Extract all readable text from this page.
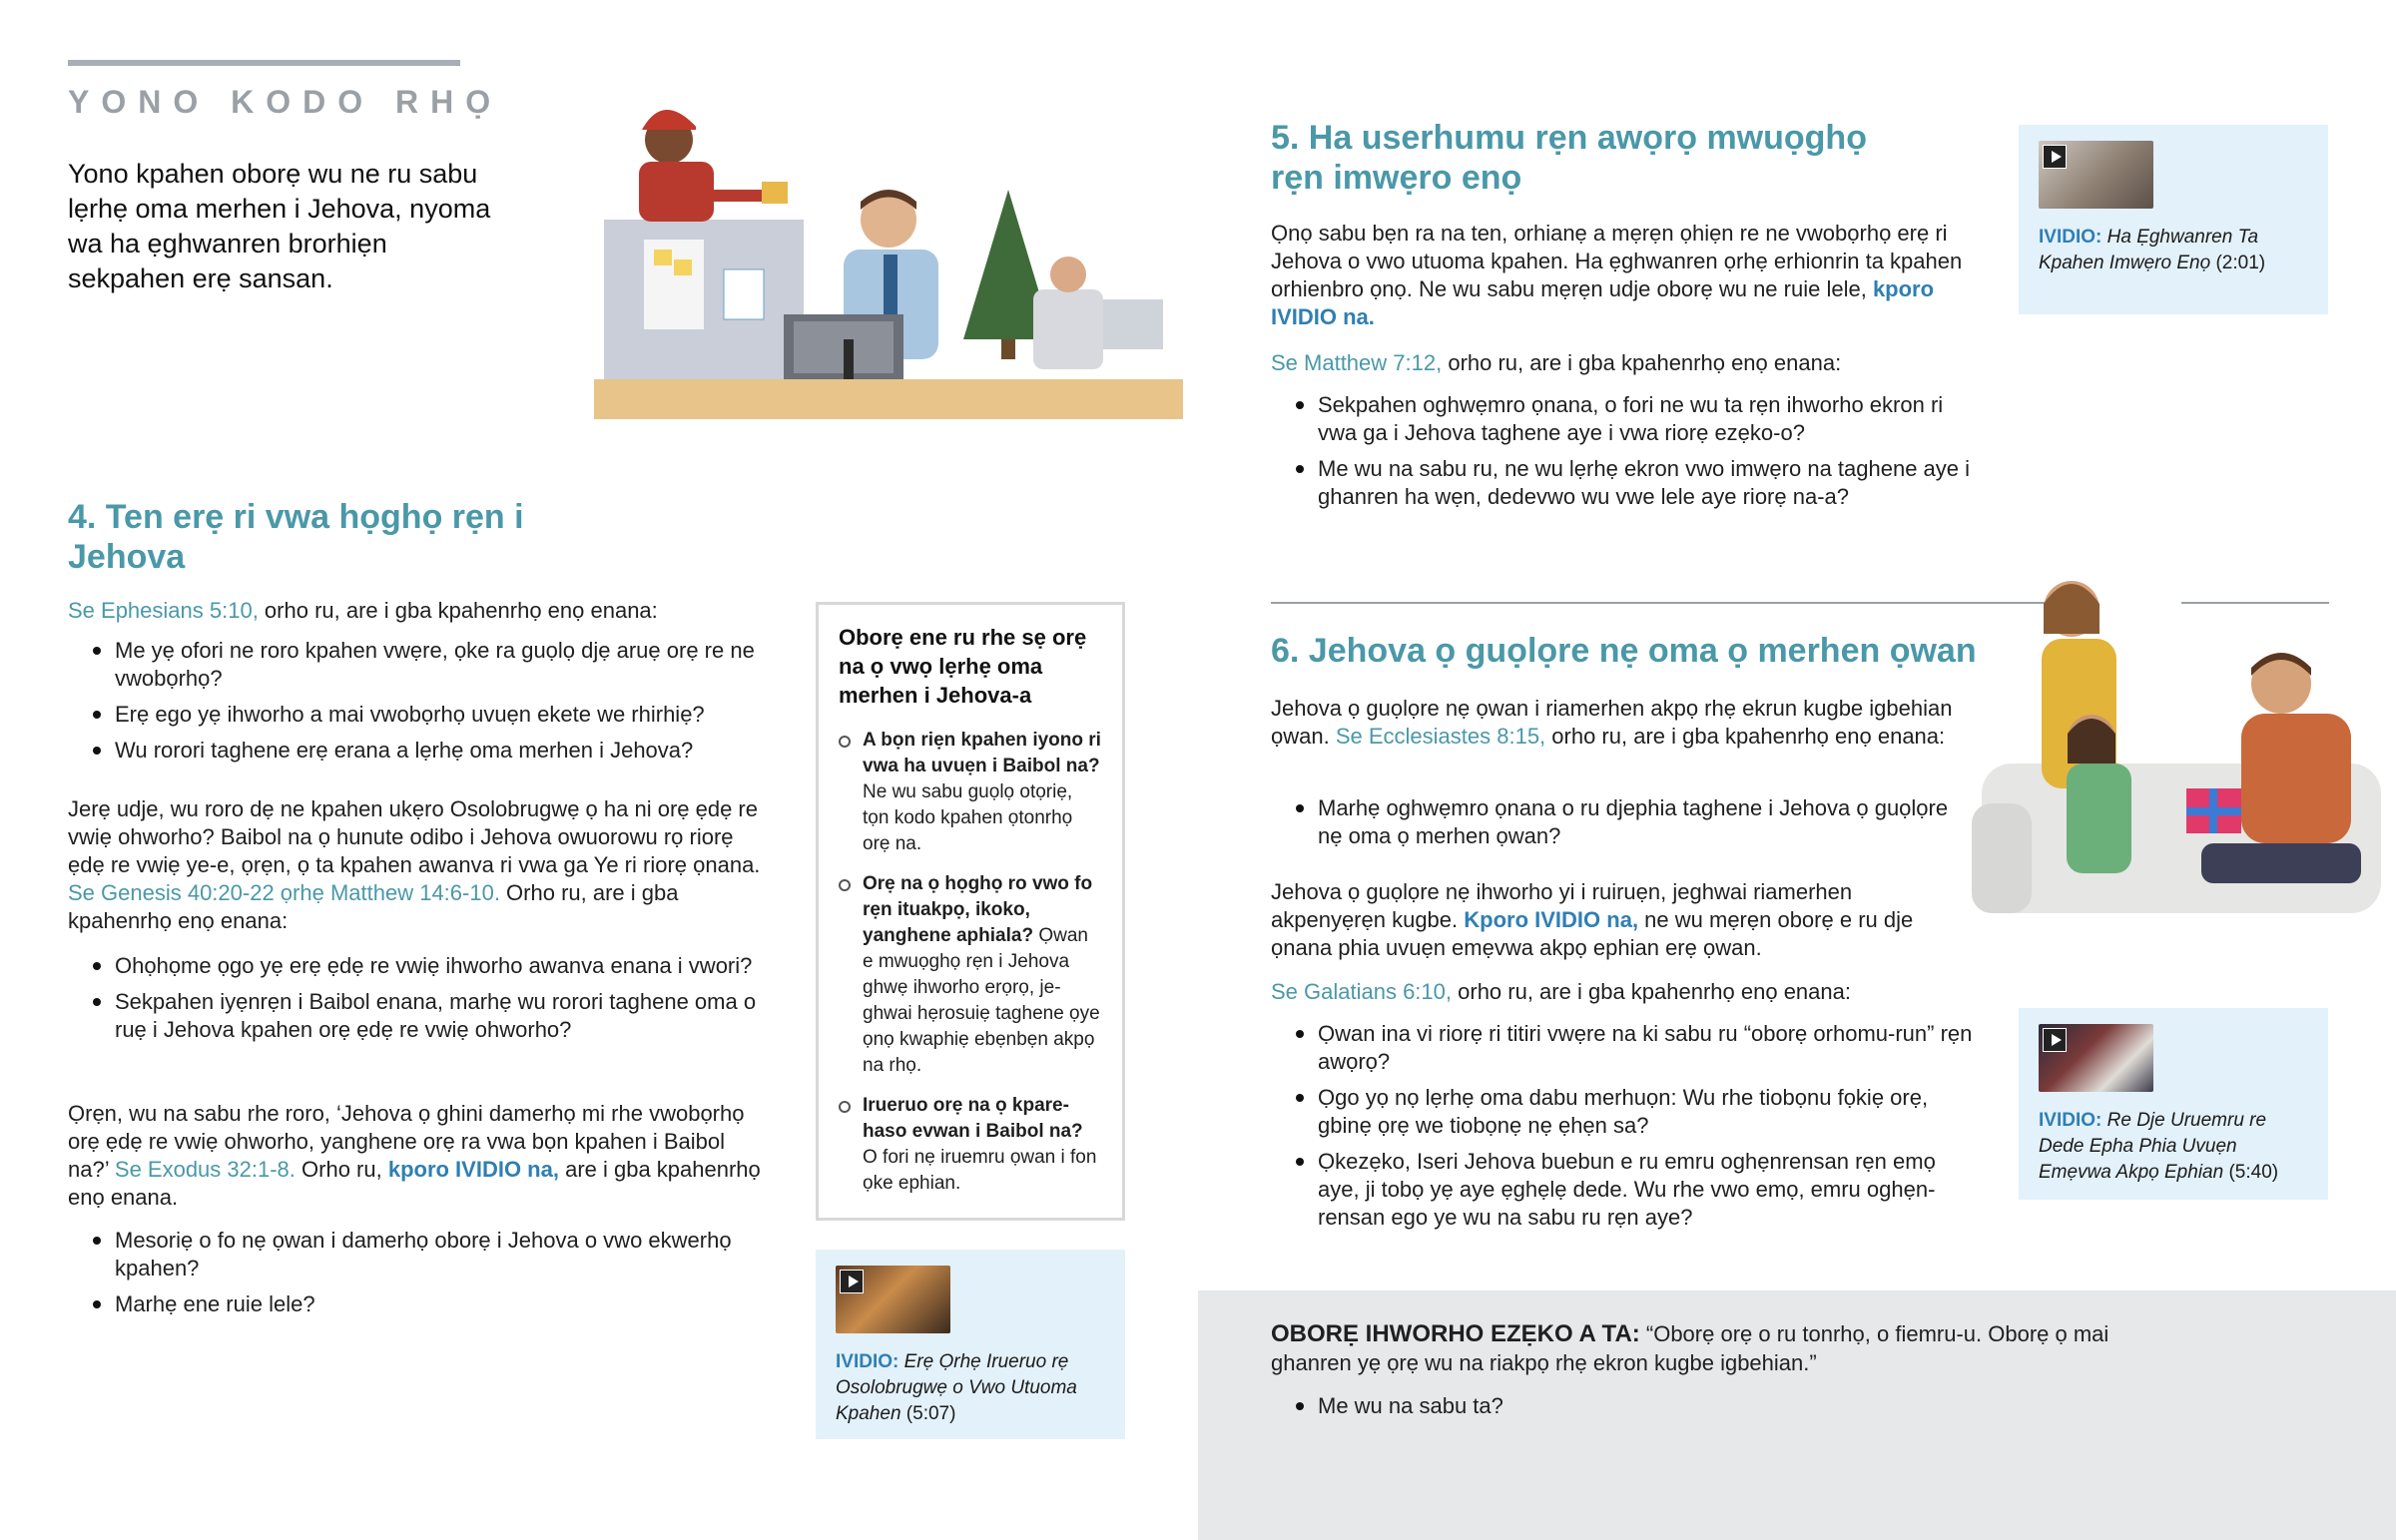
YONO KODO RHỌ
Yono kpahen oborẹ wu ne ru sabu lẹrhẹ oma merhen i Jehova, nyoma wa ha ẹghwanren brorhiẹn sekpahen erẹ sansan.
4. Ten erẹ ri vwa họghọ rẹn i Jehova
Se Ephesians 5:10, orho ru, are i gba kpahenrhọ enọ enana:
Me yẹ ofori ne roro kpahen vwẹre, ọke ra guọlọ djẹ aruẹ orẹ re ne vwobọrhọ?
Erẹ ego yẹ ihworho a mai vwobọrhọ uvuẹn ekete we rhirhiẹ?
Wu rorori taghene erẹ erana a lẹrhẹ oma merhen i Jehova?
Jerẹ udje, wu roro dẹ ne kpahen ukẹro Osolobrugwẹ ọ ha ni orẹ ẹdẹ re vwiẹ ohworho? Baibol na ọ hunute odibo i Jehova owuorowu rọ riorẹ ẹdẹ re vwiẹ ye-e, ọrẹn, ọ ta kpahen awanva ri vwa ga Ye ri riorẹ ọnana. Se Genesis 40:20-22 ọrhẹ Matthew 14:6-10. Orho ru, are i gba kpahenrhọ enọ enana:
Ohọhọme ọgo yẹ erẹ ẹdẹ re vwiẹ ihworho awanva enana i vwori?
Sekpahen iyẹnrẹn i Baibol enana, marhẹ wu rorori taghene oma o ruẹ i Jehova kpahen orẹ ẹdẹ re vwiẹ ohworho?
Ọrẹn, wu na sabu rhe roro, ‘Jehova ọ ghini damerhọ mi rhe vwobọrhọ orẹ ẹdẹ re vwiẹ ohworho, yanghene orẹ ra vwa bọn kpahen i Baibol na?’ Se Exodus 32:1-8. Orho ru, kporo IVIDIO na, are i gba kpahenrhọ enọ enana.
Mesoriẹ o fo nẹ ọwan i damerhọ oborẹ i Jehova o vwo ekwerhọ kpahen?
Marhẹ ene ruie lele?
Oborẹ ene ru rhe sẹ orẹ na ọ vwọ lẹrhẹ oma merhen i Jehova-a
A bọn riẹn kpahen iyono ri vwa ha uvuẹn i Baibol na? Ne wu sabu guọlọ otọriẹ, tọn kodo kpahen ọtonrhọ orẹ na.
Orẹ na ọ họghọ ro vwo fo rẹn ituakpọ, ikoko, yanghene aphiala? Ọwan e mwuọghọ rẹn i Jehova ghwẹ ihworho erọrọ, je-ghwai hẹrosuiẹ taghene ọye ọnọ kwaphiẹ ebẹnbẹn akpọ na rhọ.
Irueruo orẹ na ọ kpare-haso evwan i Baibol na? O fori nẹ iruemru ọwan i fon ọke ephian.
IVIDIO: Erẹ Ọrhẹ Irueruo rẹ Osolobrugwẹ o Vwo Utuoma Kpahen (5:07)
5. Ha userhumu rẹn awọrọ mwuọghọ rẹn imwẹro enọ
Ọnọ sabu bẹn ra na ten, orhianẹ a mẹrẹn ọhiẹn re ne vwobọrhọ erẹ ri Jehova o vwo utuoma kpahen. Ha ẹghwanren ọrhẹ erhionrin ta kpahen orhienbro ọnọ. Ne wu sabu mẹrẹn udje oborẹ wu ne ruie lele, kporo IVIDIO na.
Se Matthew 7:12, orho ru, are i gba kpahenrhọ enọ enana:
Sekpahen oghwẹmro ọnana, o fori ne wu ta rẹn ihworho ekron ri vwa ga i Jehova taghene aye i vwa riorẹ ezẹko-o?
Me wu na sabu ru, ne wu lẹrhẹ ekron vwo imwẹro na taghene aye i ghanren ha wẹn, dedevwo wu vwe lele aye riorẹ na-a?
IVIDIO: Ha Ẹghwanren Ta Kpahen Imwẹro Enọ (2:01)
6. Jehova ọ guọlọre nẹ oma ọ merhen ọwan
Jehova ọ guọlọre nẹ ọwan i riamerhen akpọ rhẹ ekrun kugbe igbehian ọwan. Se Ecclesiastes 8:15, orho ru, are i gba kpahenrhọ enọ enana:
Marhẹ oghwẹmro ọnana o ru djephia taghene i Jehova ọ guọlọre nẹ oma ọ merhen ọwan?
Jehova ọ guọlọre nẹ ihworho yi i ruiruẹn, jeghwai riamerhen akpenyẹrẹn kugbe. Kporo IVIDIO na, ne wu mẹrẹn oborẹ e ru dje ọnana phia uvuẹn emẹvwa akpọ ephian erẹ ọwan.
Se Galatians 6:10, orho ru, are i gba kpahenrhọ enọ enana:
Ọwan ina vi riorẹ ri titiri vwẹre na ki sabu ru “oborẹ orhomu-run” rẹn awọrọ?
Ọgo yọ nọ lẹrhẹ oma dabu merhuọn: Wu rhe tiobọnu fọkiẹ orẹ, gbinẹ ọrẹ we tiobọnẹ nẹ ẹhẹn sa?
Ọkezẹko, Iseri Jehova buebun e ru emru oghẹnrensan rẹn emọ aye, ji tobọ yẹ aye ẹghẹlẹ dede. Wu rhe vwo emọ, emru oghẹn-rensan ego ye wu na sabu ru rẹn aye?
IVIDIO: Re Dje Uruemru re Dede Epha Phia Uvuẹn Emẹvwa Akpọ Ephian (5:40)
OBORẸ IHWORHO EZẸKO A TA: “Oborẹ orẹ o ru tonrhọ, o fiemru-u. Oborẹ ọ mai ghanren yẹ ọrẹ wu na riakpọ rhẹ ekron kugbe igbehian.”
Me wu na sabu ta?
